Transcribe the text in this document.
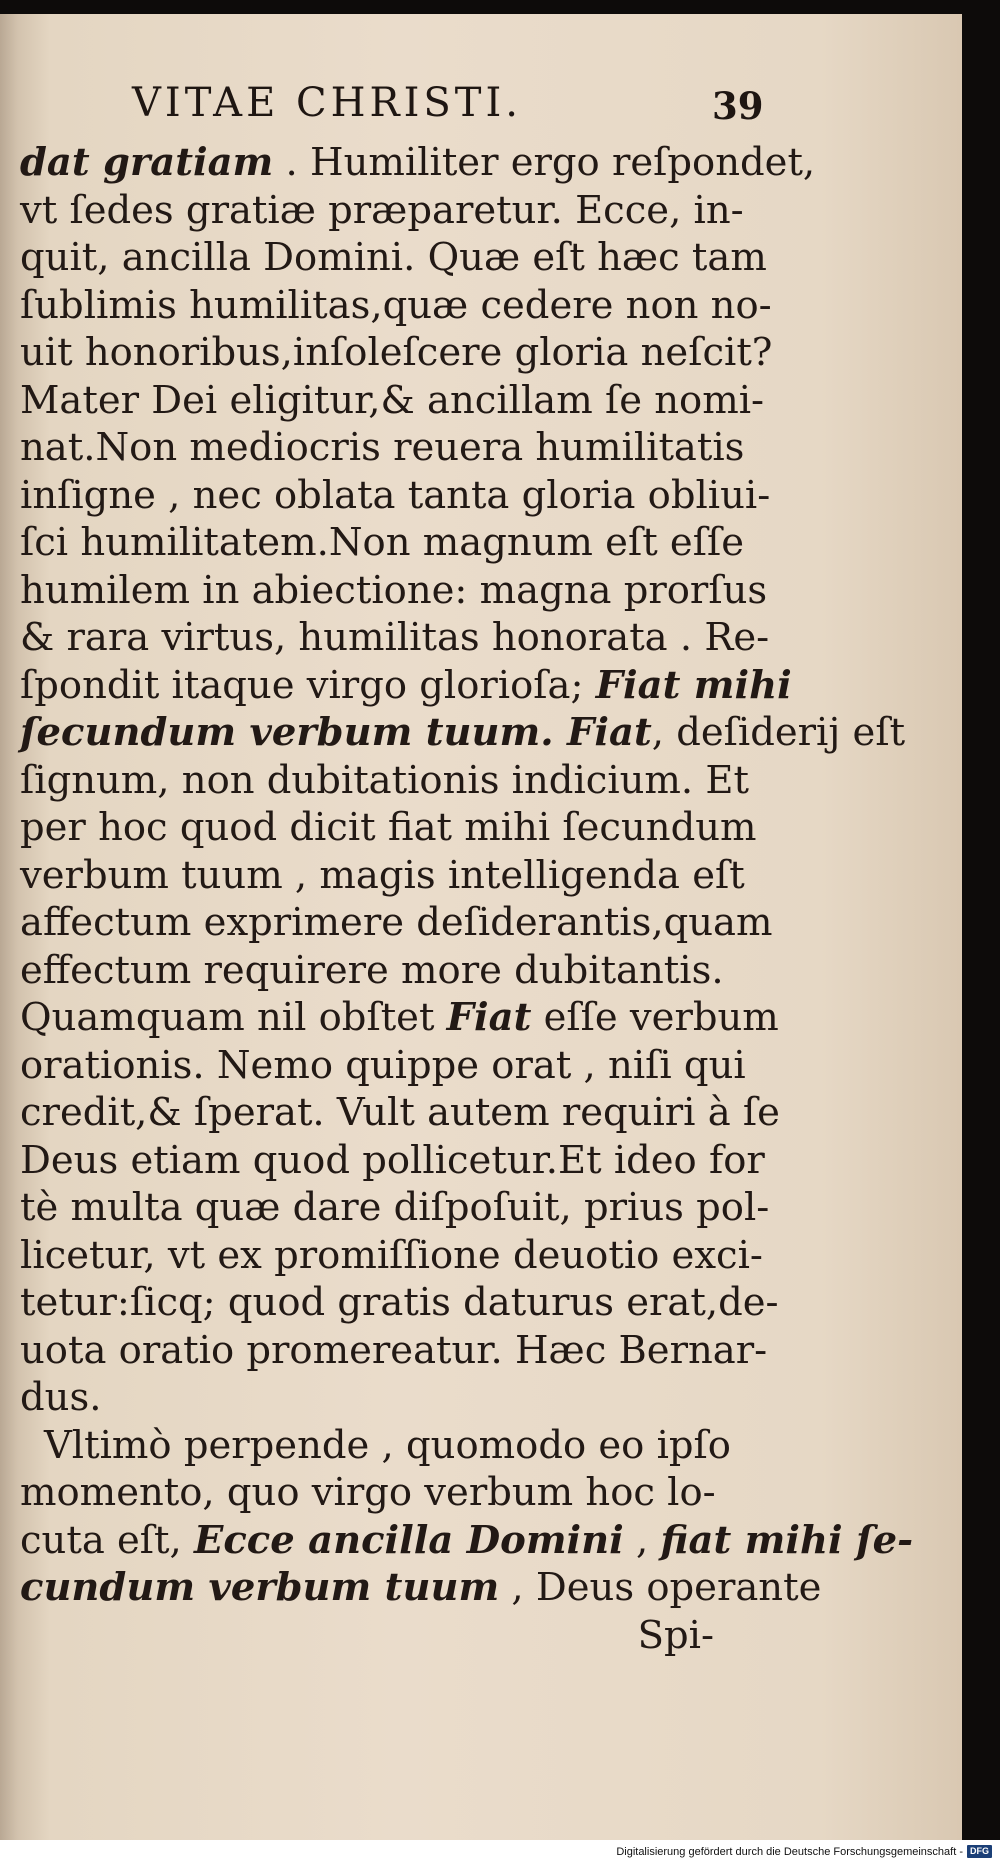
VITAE CHRISTI.	39
dat gratiam . Humiliter ergo reſpondet,
vt ſedes gratiæ præparetur. Ecce, in-
quit, ancilla Domini. Quæ eſt hæc tam
ſublimis humilitas,quæ cedere non no-
uit honoribus,inſoleſcere gloria neſcit?
Mater Dei eligitur,& ancillam ſe nomi-
nat.Non mediocris reuera humilitatis
inſigne , nec oblata tanta gloria obliui-
ſci humilitatem.Non magnum eſt eſſe
humilem in abiectione: magna prorſus
& rara virtus, humilitas honorata . Re-
ſpondit itaque virgo glorioſa; Fiat mihi
ſecundum verbum tuum. Fiat, deſiderij eſt
ſignum, non dubitationis indicium. Et
per hoc quod dicit fiat mihi ſecundum
verbum tuum , magis intelligenda eſt
affectum exprimere deſiderantis,quam
effectum requirere more dubitantis.
Quamquam nil obſtet Fiat eſſe verbum
orationis. Nemo quippe orat , niſi qui
credit,& ſperat. Vult autem requiri à ſe
Deus etiam quod pollicetur.Et ideo for
tè multa quæ dare diſpoſuit, prius pol-
licetur, vt ex promiſſione deuotio exci-
tetur:ſicq; quod gratis daturus erat,de-
uota oratio promereatur. Hæc Bernar-
dus.
Vltimò perpende , quomodo eo ipſo
momento, quo virgo verbum hoc lo-
cuta eſt, Ecce ancilla Domini , fiat mihi ſe-
cundum verbum tuum , Deus operante
Spi-
Digitalisierung gefördert durch die Deutsche Forschungsgemeinschaft - DFG
